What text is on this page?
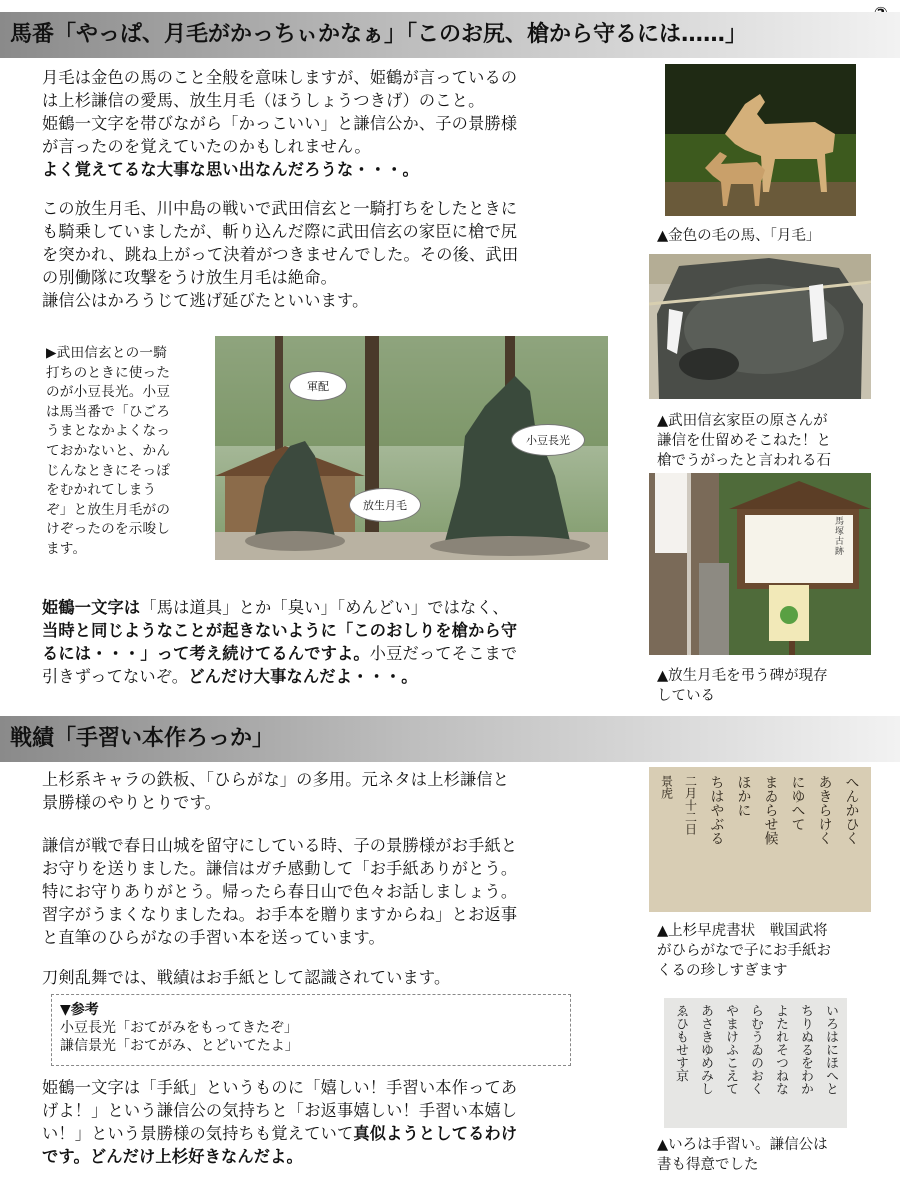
馬番「やっぱ、月毛がかっちぃかなぁ」「このお尻、槍から守るには……」

月毛は金色の馬のこと全般を意味しますが、姫鶴が言っているの

は上杉謙信の愛馬、放生月毛（ほうしょうつきげ）のこと。

姫鶴一文字を帯びながら「かっこいい」と謙信公か、子の景勝様

が言ったのを覚えていたのかもしれません。

よく覚えてるな大事な思い出なんだろうな・・・。

この放生月毛、川中島の戦いで武田信玄と一騎打ちをしたときに

も騎乗していましたが、斬り込んだ際に武田信玄の家臣に槍で尻

を突かれ、跳ね上がって決着がつきませんでした。その後、武田

の別働隊に攻撃をうけ放生月毛は絶命。

謙信公はかろうじて逃げ延びたといいます。

▶武田信玄との一騎

打ちのときに使った

のが小豆長光。小豆

は馬当番で「ひごろ

うまとなかよくなっ

ておかないと、かん

じんなときにそっぽ

をむかれてしまう

ぞ」と放生月毛がの

けぞったのを示唆し

ます。

軍配
小豆長光
放生月毛

姫鶴一文字は「馬は道具」とか「臭い」「めんどい」ではなく、

当時と同じようなことが起きないように「このおしりを槍から守

るには・・・」って考え続けてるんですよ。小豆だってそこまで

引きずってないぞ。どんだけ大事なんだよ・・・。

▲金色の毛の馬、「月毛」
▲武田信玄家臣の原さんが
謙信を仕留めそこねた！と
槍でうがったと言われる石
馬塚古跡
▲放生月毛を弔う碑が現存
している
戦績「手習い本作ろっか」

上杉系キャラの鉄板、「ひらがな」の多用。元ネタは上杉謙信と

景勝様のやりとりです。

謙信が戦で春日山城を留守にしている時、子の景勝様がお手紙と

お守りを送りました。謙信はガチ感動して「お手紙ありがとう。

特にお守りありがとう。帰ったら春日山で色々お話しましょう。

習字がうまくなりましたね。お手本を贈りますからね」とお返事

と直筆のひらがなの手習い本を送っています。

刀剣乱舞では、戦績はお手紙として認識されています。
▼参考
小豆長光「おてがみをもってきたぞ」
謙信景光「おてがみ、とどいてたよ」

姫鶴一文字は「手紙」というものに「嬉しい！手習い本作ってあ

げよ！」という謙信公の気持ちと「お返事嬉しい！手習い本嬉し

い！」という景勝様の気持ちも覚えていて真似ようとしてるわけ

です。どんだけ上杉好きなんだよ。

へんかひく
あきらけく
にゆへて
まゐらせ候
ほかに
ちはやぶる
二月十二日
景虎
▲上杉早虎書状　戦国武将
がひらがなで子にお手紙お
くるの珍しすぎます
いろはにほへと
ちりぬるをわか
よたれそつねな
らむうゐのおく
やまけふこえて
あさきゆめみし
ゑひもせす京
▲いろは手習い。謙信公は
書も得意でした
